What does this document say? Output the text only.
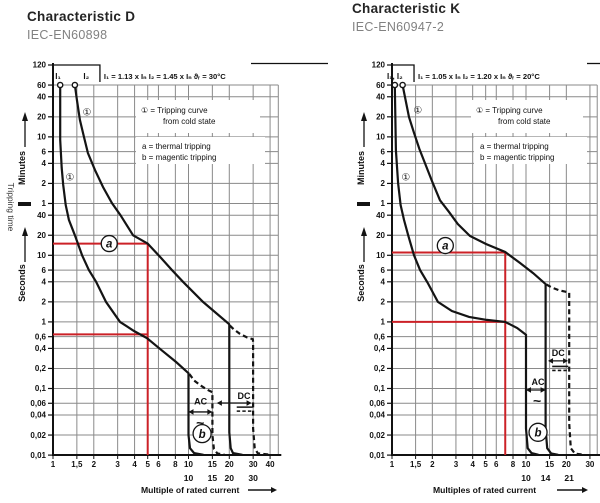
Characteristic D
IEC-EN60898
Characteristic K
IEC-EN60947-2
120
60
40
20
10
6
4
2
1
40
20
10
6
4
2
1
0,6
0,4
0,2
0,1
0,06
0,04
0,02
0,01
1 1,5 2 3 4 5 6 8 10 15 20 30 40
10 15 20 30
① = Tripping curve
from cold state
a = thermal tripping
b = magentic tripping
I₁	I₂ I₁ = 1.13 x Iₙ I₂ = 1.45 x Iₙ ϑᵣ = 30°C
①
①
a
b
AC
DC
~
Minutes
Seconds
Tripping time
Multiple of rated current
120
60
40
20
10
6
4
2
1
40
20
10
6
4
2
1
0,6
0,4
0,2
0,1
0,06
0,04
0,02
0,01
1 1,5 2 3 4 5 6 8 10 15 20 30
10 14 21
① = Tripping curve
from cold state
a = thermal tripping
b = magentic tripping
I₁, I₂ I₁ = 1.05 x Iₙ I₂ = 1.20 x Iₙ ϑᵣ = 20°C
①
①
a
b
AC
DC
~
Minutes
Seconds
Multiples of rated current
